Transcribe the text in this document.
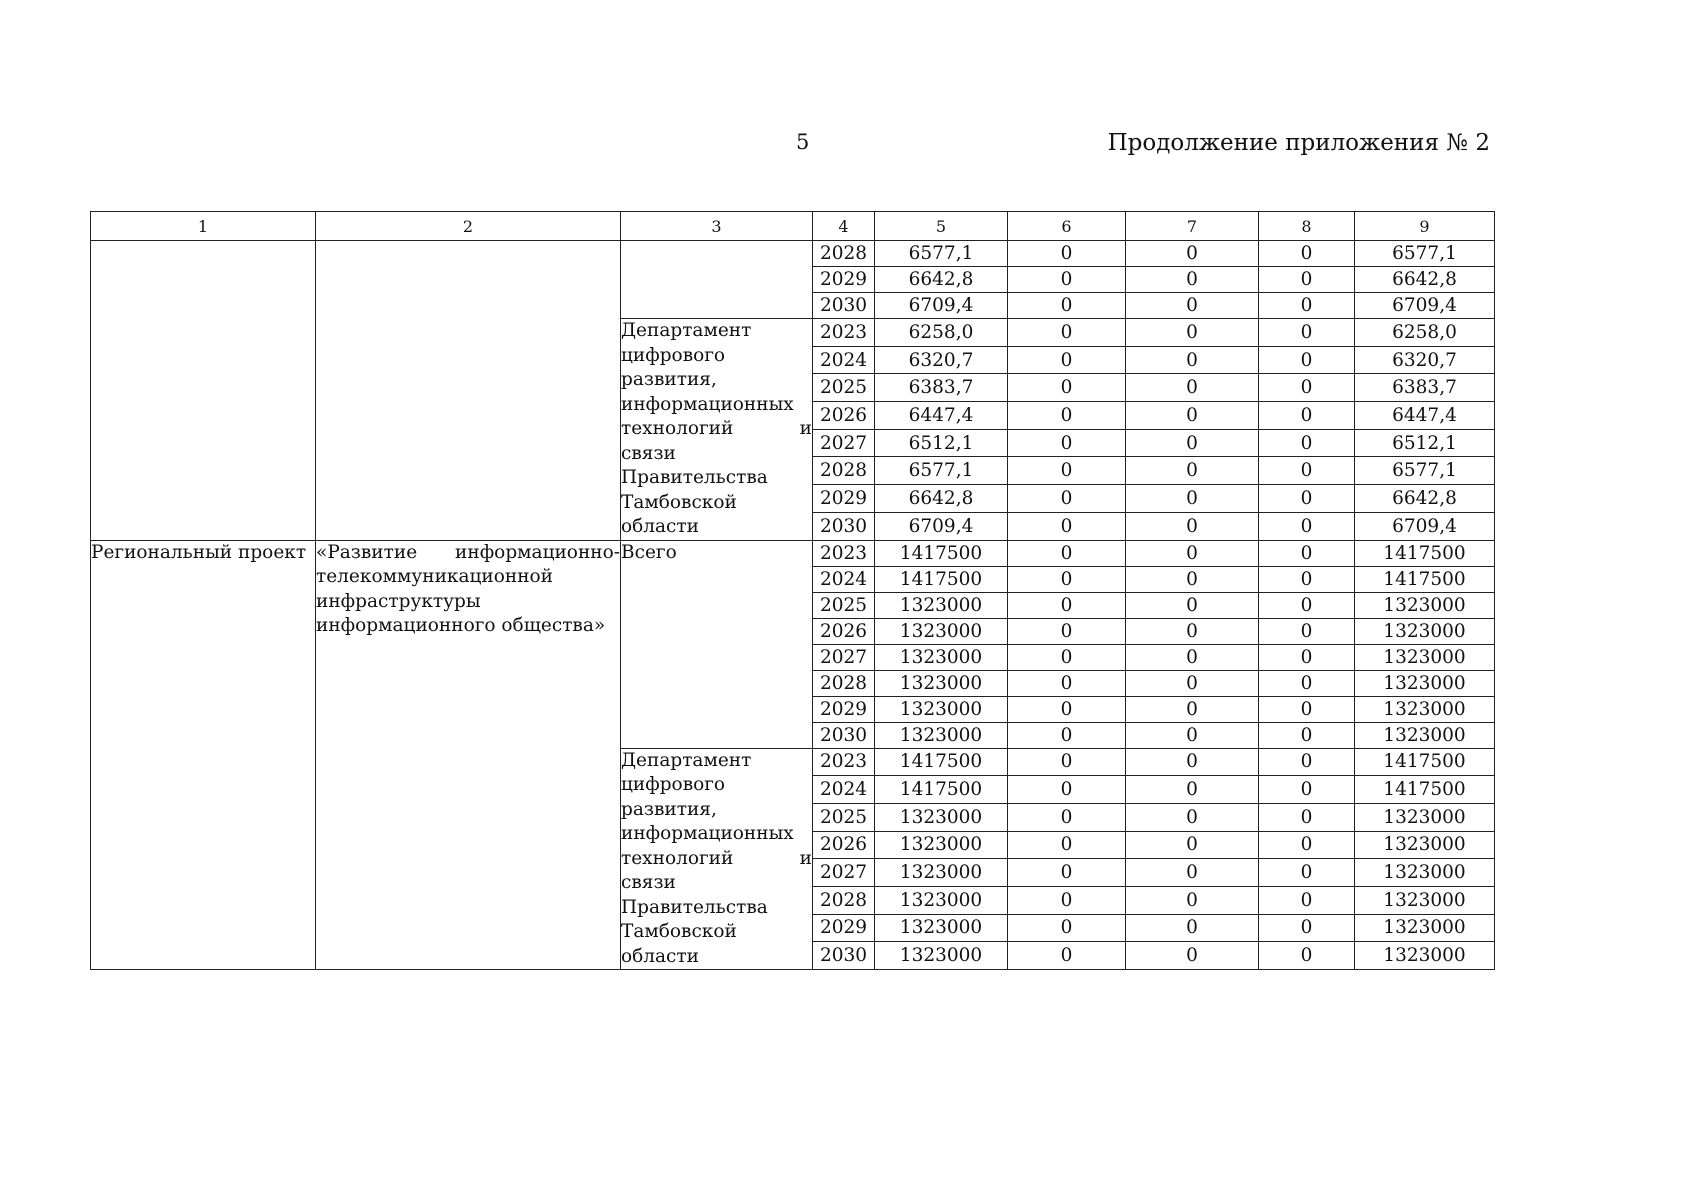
5	Продолжение приложения № 2
1	2	3	4	5	6	7	8	9
			2028	6577,1	0	0	0	6577,1
			2029	6642,8	0	0	0	6642,8
			2030	6709,4	0	0	0	6709,4
		Департамент цифрового развития, информационных технологий и связи Правительства Тамбовской области	2023	6258,0	0	0	0	6258,0
			2024	6320,7	0	0	0	6320,7
			2025	6383,7	0	0	0	6383,7
			2026	6447,4	0	0	0	6447,4
			2027	6512,1	0	0	0	6512,1
			2028	6577,1	0	0	0	6577,1
			2029	6642,8	0	0	0	6642,8
			2030	6709,4	0	0	0	6709,4
Региональный проект	«Развитие информационно-телекоммуникационной инфраструктуры информационного общества»	Всего	2023	1417500	0	0	0	1417500
			2024	1417500	0	0	0	1417500
			2025	1323000	0	0	0	1323000
			2026	1323000	0	0	0	1323000
			2027	1323000	0	0	0	1323000
			2028	1323000	0	0	0	1323000
			2029	1323000	0	0	0	1323000
			2030	1323000	0	0	0	1323000
		Департамент цифрового развития, информационных технологий и связи Правительства Тамбовской области	2023	1417500	0	0	0	1417500
			2024	1417500	0	0	0	1417500
			2025	1323000	0	0	0	1323000
			2026	1323000	0	0	0	1323000
			2027	1323000	0	0	0	1323000
			2028	1323000	0	0	0	1323000
			2029	1323000	0	0	0	1323000
			2030	1323000	0	0	0	1323000
